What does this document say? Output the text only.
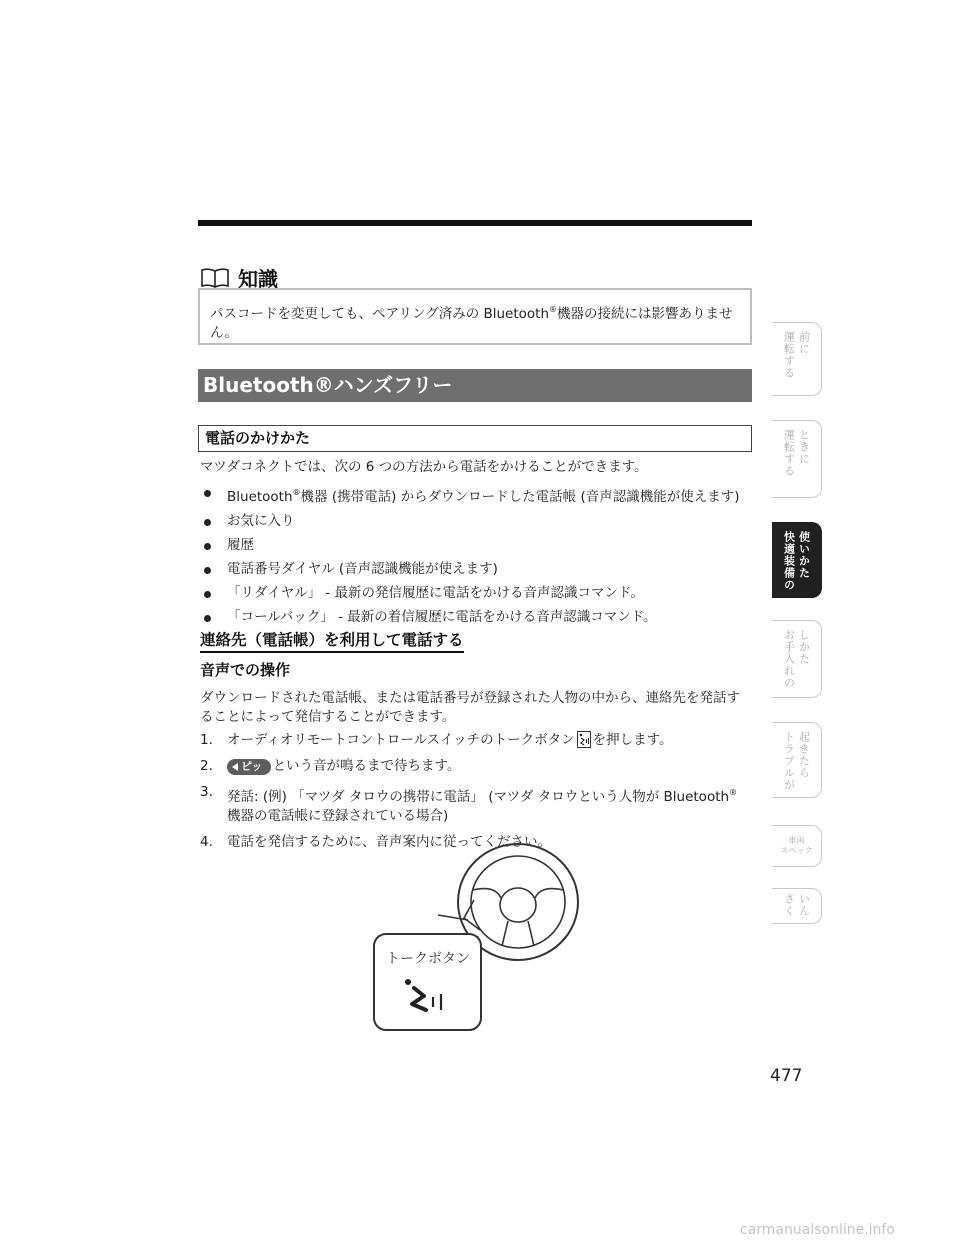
知識
パスコードを変更しても、ペアリング済みの Bluetooth®機器の接続には影響ありません。
Bluetooth®ハンズフリー
電話のかけかた
マツダコネクトでは、次の 6 つの方法から電話をかけることができます。
Bluetooth®機器 (携帯電話) からダウンロードした電話帳 (音声認識機能が使えます)
お気に入り
履歴
電話番号ダイヤル (音声認識機能が使えます)
「リダイヤル」 - 最新の発信履歴に電話をかける音声認識コマンド。
「コールバック」 - 最新の着信履歴に電話をかける音声認識コマンド。
連絡先（電話帳）を利用して電話する
音声での操作
ダウンロードされた電話帳、または電話番号が登録された人物の中から、連絡先を発話することによって発信することができます。
1. オーディオリモートコントロールスイッチのトークボタン を押します。
2.	ピッ という音が鳴るまで待ちます。
3. 発話: (例) 「マツダ タロウの携帯に電話」 (マツダ タロウという人物が Bluetooth®
機器の電話帳に登録されている場合)
4. 電話を発信するために、音声案内に従ってください。
トークボタン
運転する 前に
運転する ときに
快適装備の 使いかた
お手入れの しかた
トラブルが 起きたら
車両
スペック
さく いん
477
carmanualsonline.info
